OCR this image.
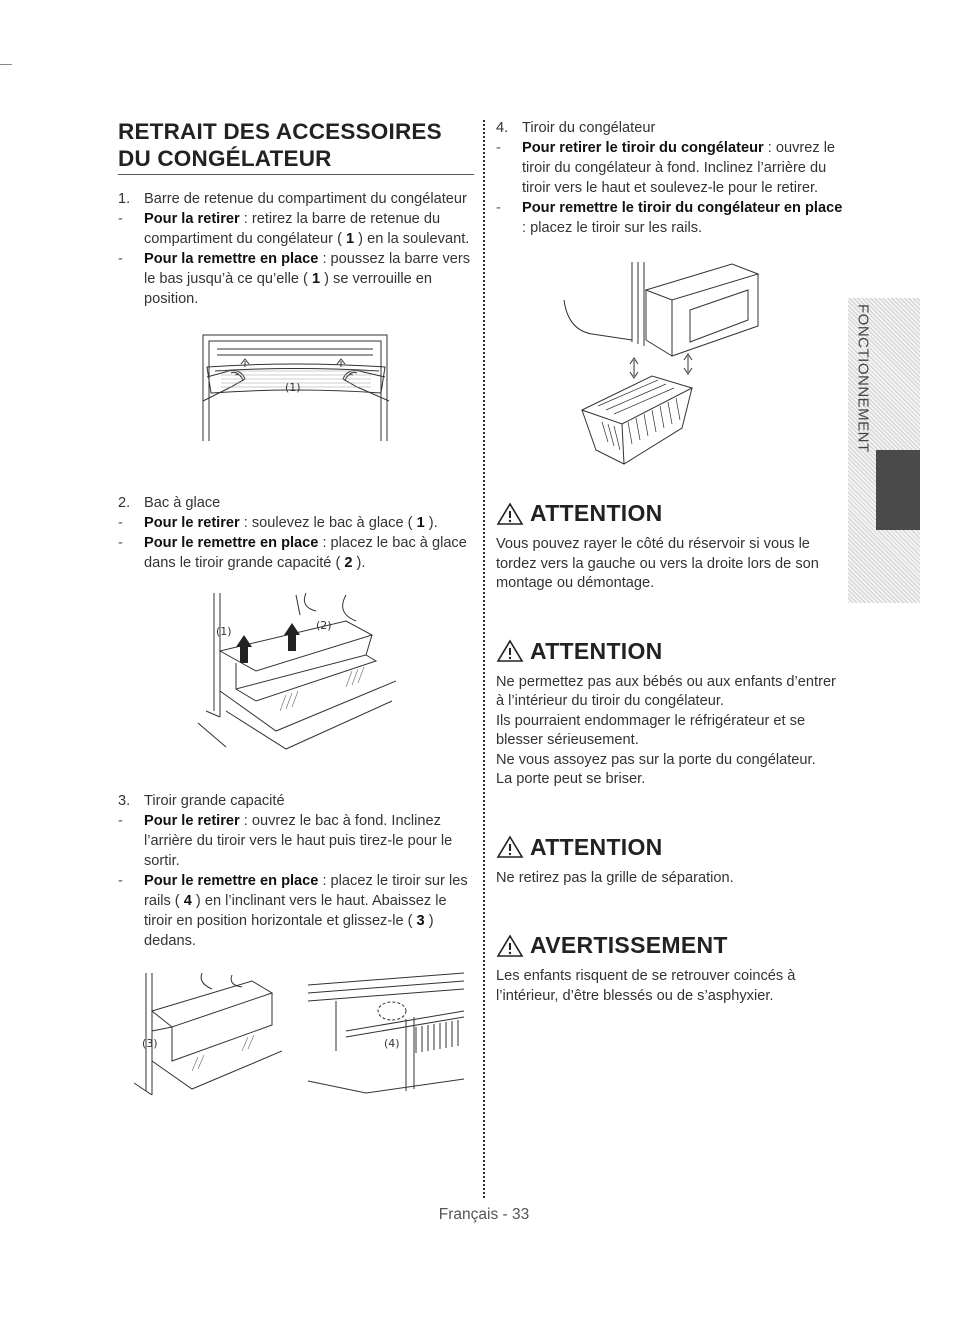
RETRAIT DES ACCESSOIRES DU CONGÉLATEUR

1. Barre de retenue du compartiment du congélateur

-	Pour la retirer : retirez la barre de retenue du compartiment du congélateur ( 1 ) en la soulevant.

-	Pour la remettre en place : poussez la barre vers le bas jusqu’à ce qu’elle ( 1 ) se verrouille en position.

(1)

2. Bac à glace

-	Pour le retirer : soulevez le bac à glace ( 1 ).

-	Pour le remettre en place : placez le bac à glace dans le tiroir grande capacité ( 2 ).

(1)	(2)

3. Tiroir grande capacité

-	Pour le retirer : ouvrez le bac à fond. Inclinez l’arrière du tiroir vers le haut puis tirez-le pour le sortir.

-	Pour le remettre en place : placez le tiroir sur les rails ( 4 ) en l’inclinant vers le haut. Abaissez le tiroir en position horizontale et glissez-le ( 3 ) dedans.

(3)	(4)

4. Tiroir du congélateur

-	Pour retirer le tiroir du congélateur : ouvrez le tiroir du congélateur à fond. Inclinez l’arrière du tiroir vers le haut et soulevez-le pour le retirer.

-	Pour remettre le tiroir du congélateur en place : placez le tiroir sur les rails.

ATTENTION

Vous pouvez rayer le côté du réservoir si vous le tordez vers la gauche ou vers la droite lors de son montage ou démontage.

ATTENTION

Ne permettez pas aux bébés ou aux enfants d’entrer à l’intérieur du tiroir du congélateur.
Ils pourraient endommager le réfrigérateur et se blesser sérieusement.
Ne vous assoyez pas sur la porte du congélateur.
La porte peut se briser.

ATTENTION

Ne retirez pas la grille de séparation.

AVERTISSEMENT

Les enfants risquent de se retrouver coincés à l’intérieur, d’être blessés ou de s’asphyxier.

FONCTIONNEMENT
Français - 33
